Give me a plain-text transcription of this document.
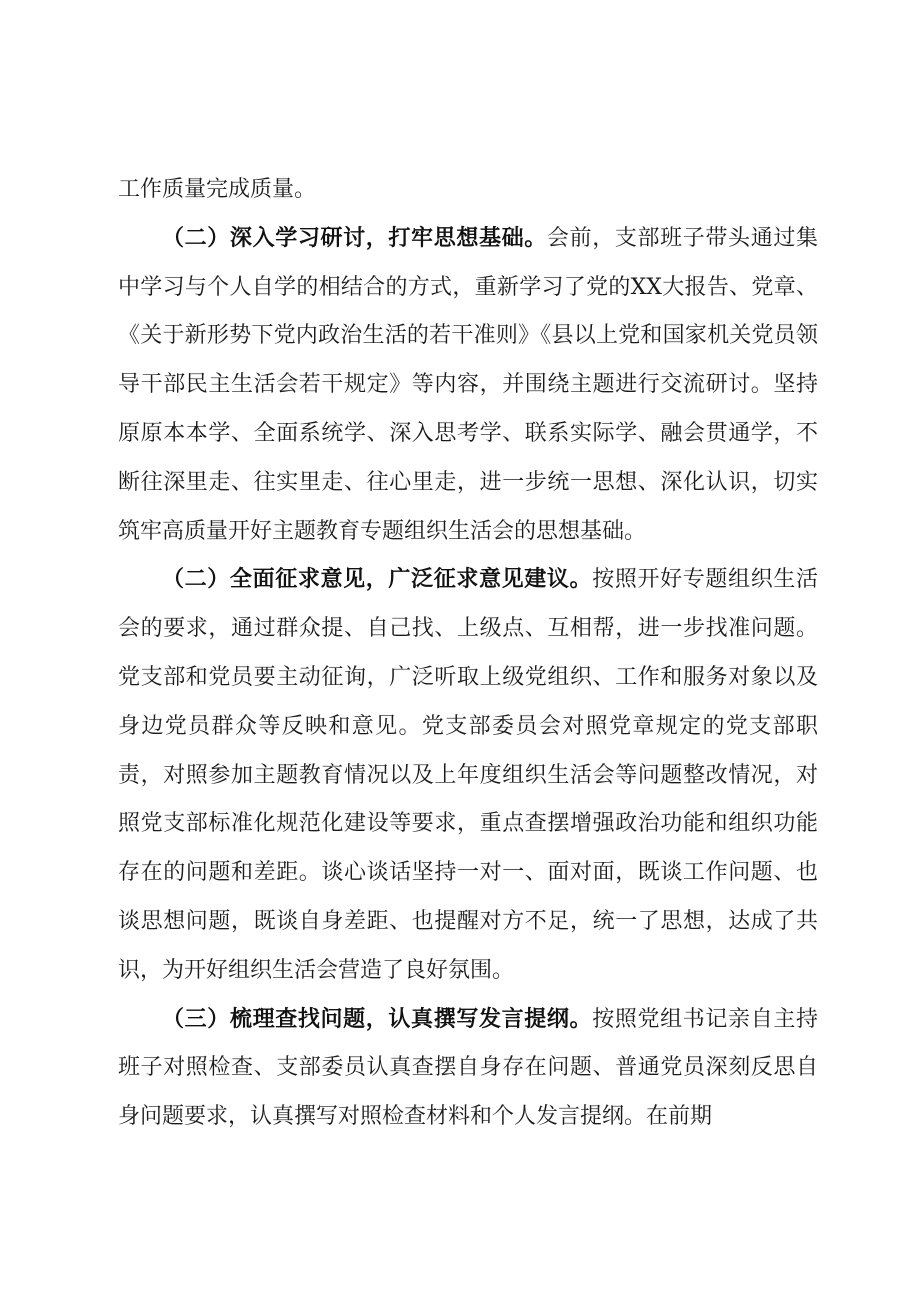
工作质量完成质量。

（二）深入学习研讨，打牢思想基础。会前，支部班子带头通过集中学习与个人自学的相结合的方式，重新学习了党的XX大报告、党章、《关于新形势下党内政治生活的若干准则》《县以上党和国家机关党员领导干部民主生活会若干规定》等内容，并围绕主题进行交流研讨。坚持原原本本学、全面系统学、深入思考学、联系实际学、融会贯通学，不断往深里走、往实里走、往心里走，进一步统一思想、深化认识，切实筑牢高质量开好主题教育专题组织生活会的思想基础。

（二）全面征求意见，广泛征求意见建议。按照开好专题组织生活会的要求，通过群众提、自己找、上级点、互相帮，进一步找准问题。党支部和党员要主动征询，广泛听取上级党组织、工作和服务对象以及身边党员群众等反映和意见。党支部委员会对照党章规定的党支部职责，对照参加主题教育情况以及上年度组织生活会等问题整改情况，对照党支部标准化规范化建设等要求，重点查摆增强政治功能和组织功能存在的问题和差距。谈心谈话坚持一对一、面对面，既谈工作问题、也谈思想问题，既谈自身差距、也提醒对方不足，统一了思想，达成了共识，为开好组织生活会营造了良好氛围。

（三）梳理查找问题，认真撰写发言提纲。按照党组书记亲自主持班子对照检查、支部委员认真查摆自身存在问题、普通党员深刻反思自身问题要求，认真撰写对照检查材料和个人发言提纲。在前期
